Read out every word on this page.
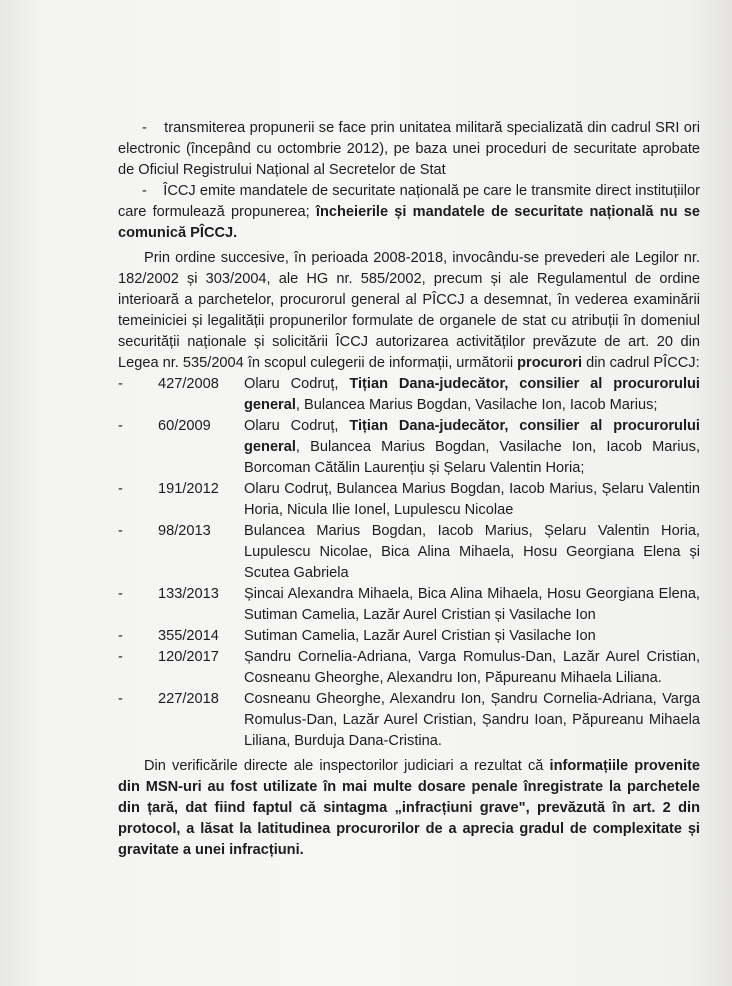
- transmiterea propunerii se face prin unitatea militară specializată din cadrul SRI ori electronic (începând cu octombrie 2012), pe baza unei proceduri de securitate aprobate de Oficiul Registrului Național al Secretelor de Stat

- ÎCCJ emite mandatele de securitate națională pe care le transmite direct instituțiilor care formulează propunerea; încheierile și mandatele de securitate națională nu se comunică PÎCCJ.

Prin ordine succesive, în perioada 2008-2018, invocându-se prevederi ale Legilor nr. 182/2002 și 303/2004, ale HG nr. 585/2002, precum și ale Regulamentul de ordine interioară a parchetelor, procurorul general al PÎCCJ a desemnat, în vederea examinării temeiniciei și legalității propunerilor formulate de organele de stat cu atribuții în domeniul securității naționale și solicitării ÎCCJ autorizarea activităților prevăzute de art. 20 din Legea nr. 535/2004 în scopul culegerii de informații, următorii procurori din cadrul PÎCCJ:

-	427/2008	Olaru Codruț, Tițian Dana-judecător, consilier al procurorului general, Bulancea Marius Bogdan, Vasilache Ion, Iacob Marius;
-	60/2009	Olaru Codruț, Tițian Dana-judecător, consilier al procurorului general, Bulancea Marius Bogdan, Vasilache Ion, Iacob Marius, Borcoman Cătălin Laurențiu și Șelaru Valentin Horia;
-	191/2012	Olaru Codruț, Bulancea Marius Bogdan, Iacob Marius, Șelaru Valentin Horia, Nicula Ilie Ionel, Lupulescu Nicolae
-	98/2013	Bulancea Marius Bogdan, Iacob Marius, Șelaru Valentin Horia, Lupulescu Nicolae, Bica Alina Mihaela, Hosu Georgiana Elena și Scutea Gabriela
-	133/2013	Șincai Alexandra Mihaela, Bica Alina Mihaela, Hosu Georgiana Elena, Sutiman Camelia, Lazăr Aurel Cristian și Vasilache Ion
-	355/2014	Sutiman Camelia, Lazăr Aurel Cristian și Vasilache Ion
-	120/2017	Șandru Cornelia-Adriana, Varga Romulus-Dan, Lazăr Aurel Cristian, Cosneanu Gheorghe, Alexandru Ion, Păpureanu Mihaela Liliana.
-	227/2018	Cosneanu Gheorghe, Alexandru Ion, Șandru Cornelia-Adriana, Varga Romulus-Dan, Lazăr Aurel Cristian, Șandru Ioan, Păpureanu Mihaela Liliana, Burduja Dana-Cristina.

Din verificările directe ale inspectorilor judiciari a rezultat că informațiile provenite din MSN-uri au fost utilizate în mai multe dosare penale înregistrate la parchetele din țară, dat fiind faptul că sintagma „infracțiuni grave", prevăzută în art. 2 din protocol, a lăsat la latitudinea procurorilor de a aprecia gradul de complexitate și gravitate a unei infracțiuni.
